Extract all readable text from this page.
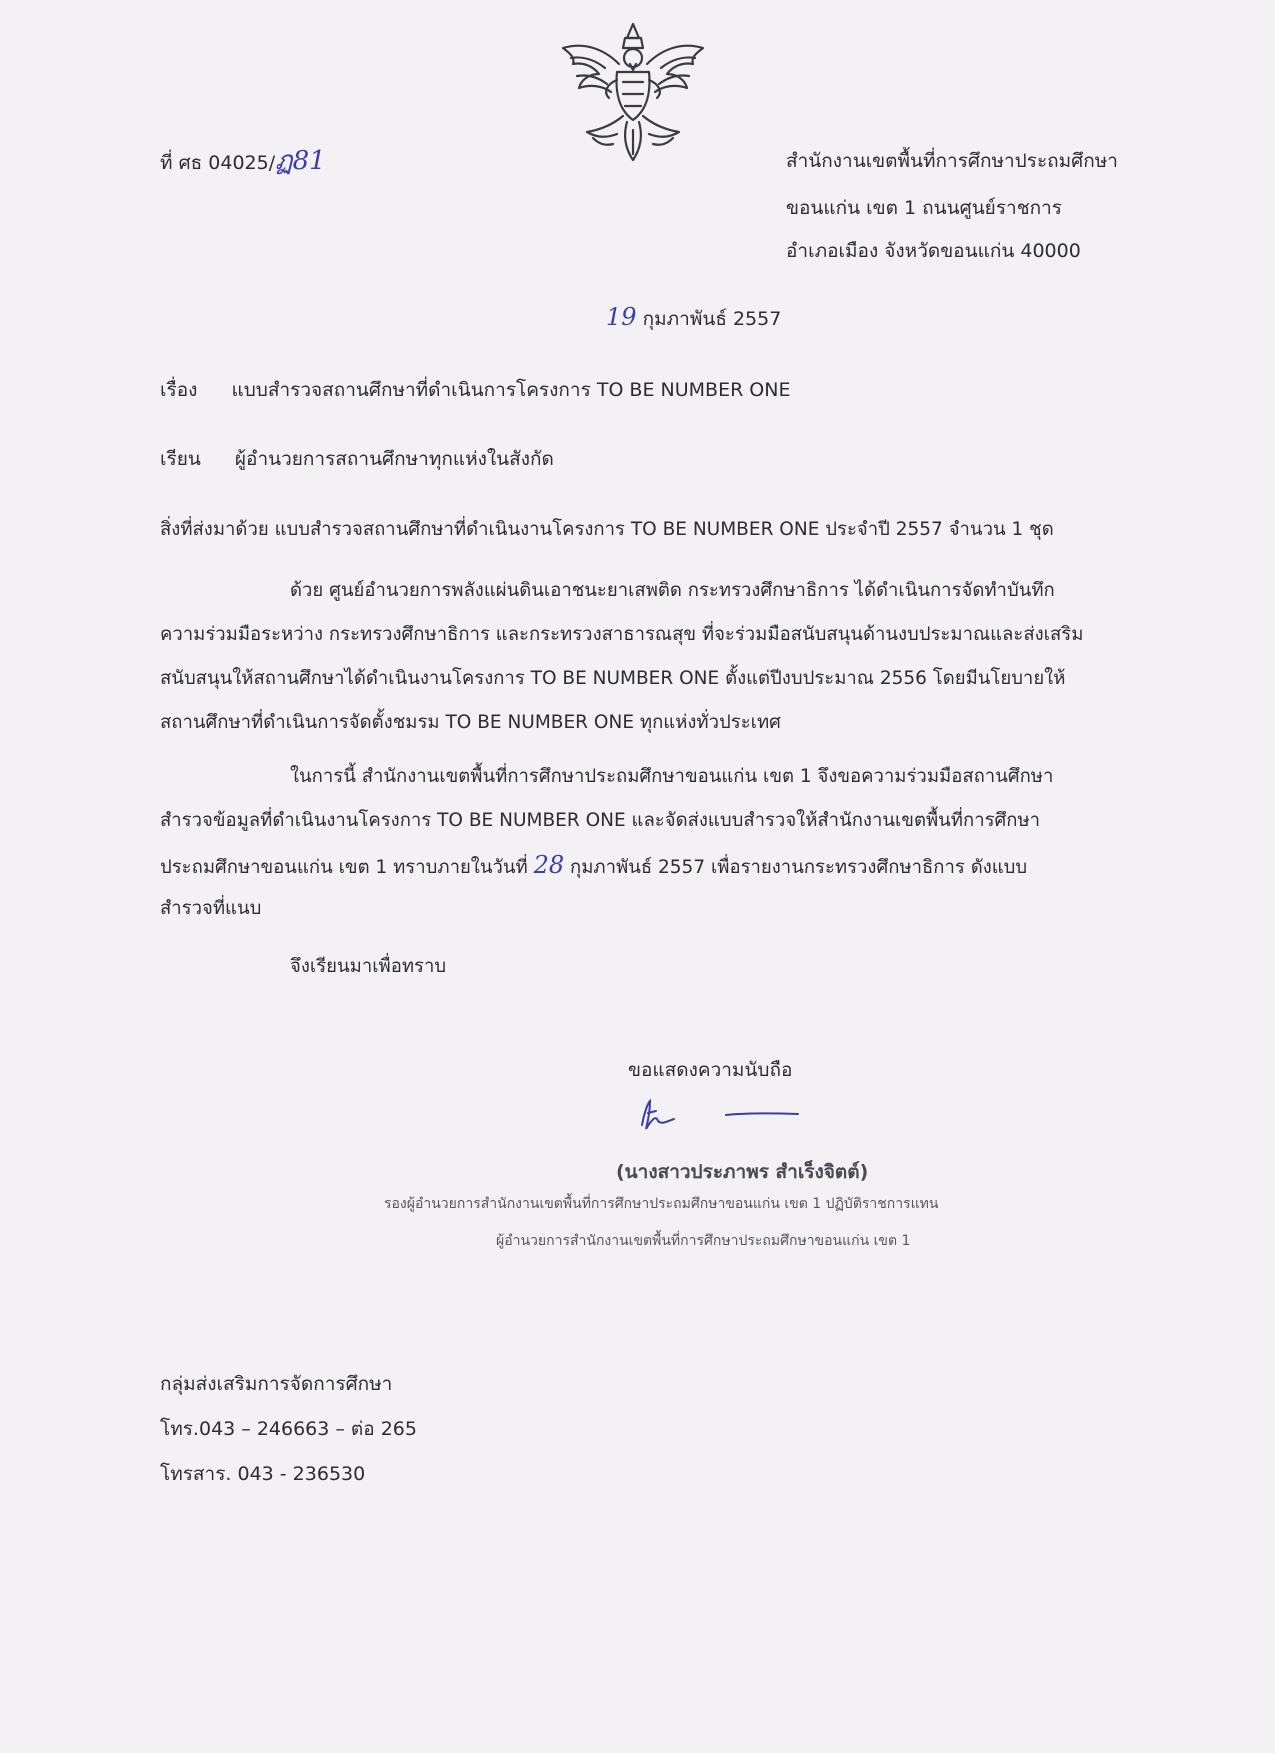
ที่ ศธ 04025/ฏ81	สำนักงานเขตพื้นที่การศึกษาประถมศึกษา
ขอนแก่น เขต 1 ถนนศูนย์ราชการ
อำเภอเมือง จังหวัดขอนแก่น 40000
19 กุมภาพันธ์ 2557
เรื่อง แบบสำรวจสถานศึกษาที่ดำเนินการโครงการ TO BE NUMBER ONE
เรียน ผู้อำนวยการสถานศึกษาทุกแห่งในสังกัด
สิ่งที่ส่งมาด้วย แบบสำรวจสถานศึกษาที่ดำเนินงานโครงการ TO BE NUMBER ONE ประจำปี 2557 จำนวน 1 ชุด
ด้วย ศูนย์อำนวยการพลังแผ่นดินเอาชนะยาเสพติด กระทรวงศึกษาธิการ ได้ดำเนินการจัดทำบันทึก
ความร่วมมือระหว่าง กระทรวงศึกษาธิการ และกระทรวงสาธารณสุข ที่จะร่วมมือสนับสนุนด้านงบประมาณและส่งเสริม
สนับสนุนให้สถานศึกษาได้ดำเนินงานโครงการ TO BE NUMBER ONE ตั้งแต่ปีงบประมาณ 2556 โดยมีนโยบายให้
สถานศึกษาที่ดำเนินการจัดตั้งชมรม TO BE NUMBER ONE ทุกแห่งทั่วประเทศ
ในการนี้ สำนักงานเขตพื้นที่การศึกษาประถมศึกษาขอนแก่น เขต 1 จึงขอความร่วมมือสถานศึกษา
สำรวจข้อมูลที่ดำเนินงานโครงการ TO BE NUMBER ONE และจัดส่งแบบสำรวจให้สำนักงานเขตพื้นที่การศึกษา
ประถมศึกษาขอนแก่น เขต 1 ทราบภายในวันที่ 28 กุมภาพันธ์ 2557 เพื่อรายงานกระทรวงศึกษาธิการ ดังแบบ
สำรวจที่แนบ
จึงเรียนมาเพื่อทราบ
ขอแสดงความนับถือ
(นางสาวประภาพร สำเร็งจิตต์)
รองผู้อำนวยการสำนักงานเขตพื้นที่การศึกษาประถมศึกษาขอนแก่น เขต 1 ปฏิบัติราชการแทน
ผู้อำนวยการสำนักงานเขตพื้นที่การศึกษาประถมศึกษาขอนแก่น เขต 1
กลุ่มส่งเสริมการจัดการศึกษา
โทร.043 – 246663 – ต่อ 265
โทรสาร. 043 - 236530
